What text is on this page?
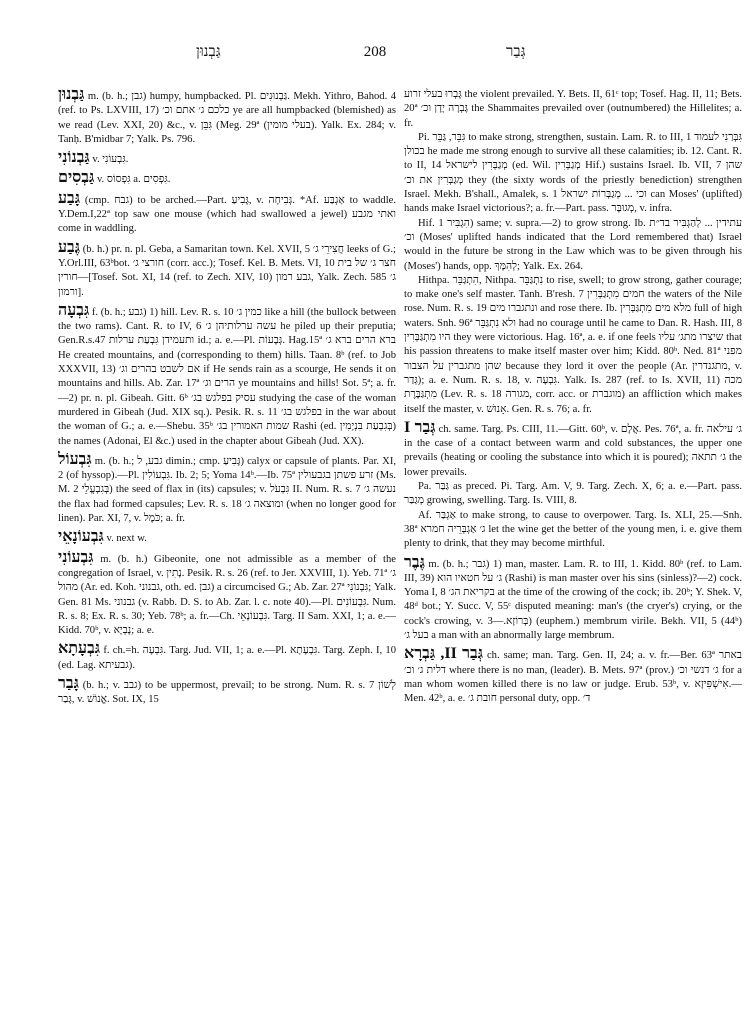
גַּבְנוּן	208	גְּבַר

גַּבְנוּן m. (b. h.; גבן) humpy, humpbacked. Pl. גַּבְנוּנִים. Mekh. Yithro, Bahod. 4 (ref. to Ps. LXVIII, 17) כלכם ג׳ אתם וכ׳ ye are all humpbacked (blemished) as we read (Lev. XXI, 20) &c., v. גִּבֵּן (Meg. 29ª (בעלי מומין). Yalk. Ex. 284; v. Tanḥ. B'midbar 7; Yalk. Ps. 796.

גַּבְנוֹנִי v. גִּבְעוֹנִי.

גַּבְסִים v. גִּפְסוֹס a. גִּפְסִים.

גָּבַע (cmp. גבח) to be arched.—Part. גָּבִיעַ, v. גְּבִיחָה. *Af. אַגְבַּע to waddle. Y.Dem.I,22ª top saw one mouse (which had swallowed a jewel) ואתי מגבע come in waddling.

גֶּבַע (b. h.) pr. n. pl. Geba, a Samaritan town. Kel. XVII, 5 חֲצִירֵי ג׳ leeks of G.; Y.Orl.III, 63ᵇbot. חורצי ג׳ (corr. acc.); Tosef. Kel. B. Mets. VI, 10 חצר ג׳ של בית חורין—[Tosef. Sot. XI, 14 (ref. to Zech. XIV, 10) גבע רמון, Yalk. Zech. 585 ג׳ ורמון].

גִּבְעָה f. (b. h.; גבע) 1) hill. Lev. R. s. 10 כמין ג׳ like a hill (the bullock between the two rams). Cant. R. to IV, 6 עשה ערלותיהן ג׳ he piled up their preputia; Gen.R.s.47 ותעמידן גִּבְעַת ערלות id.; a. e.—Pl. גְּבָעוֹת. Hag.15ª ברא הרים ברא ג׳ He created mountains, and (corresponding to them) hills. Taan. 8ᵇ (ref. to Job XXXVII, 13) אם לשבט בהרים וג׳ if He sends rain as a scourge, He sends it on mountains and hills. Ab. Zar. 17ª הרים וג׳ ye mountains and hills! Sot. 5ª; a. fr.—2) pr. n. pl. Gibeah. Gitt. 6ᵇ עסיק בפלגש בג׳ studying the case of the woman murdered in Gibeah (Jud. XIX sq.). Pesik. R. s. 11 בפלגש בג׳ in the war about the woman of G.; a. e.—Shebu. 35ᵇ שמות האמורין בג׳ Rashi (ed. בְּגִבְעַת בִּנְיָמִין) the names (Adonai, El &c.) used in the chapter about Gibeah (Jud. XX).

גִּבְעוֹל m. (b. h.; גבע, ל dimin.; cmp. גָּבִיעַ) calyx or capsule of plants. Par. XI, 2 (of hyssop).—Pl. גִּבְעוֹלִין. Ib. 2; 5; Yoma 14ᵇ.—Ib. 75ª זרע פשתן בגבעולין (Ms. M. 2 בְּגִבְעֳלֵי) the seed of flax in (its) capsules; v. גִּבְעֹל II. Num. R. s. 7 נעשה ג׳ the flax had formed capsules; Lev. R. s. 18 ומוצאה ג׳ (when no longer good for linen). Par. XI, 7, v. כֹּמֶל; a. fr.

גִּבְעוֹנָאֵי v. next w.

גִּבְעוֹנִי m. (b. h.) Gibeonite, one not admissible as a member of the congregation of Israel, v. נָתִין. Pesik. R. s. 26 (ref. to Jer. XXVIII, 1). Yeb. 71ª ג׳ מהול (Ar. ed. Koh. גבנוני, oth. ed. גבן) a circumcised G.; Ab. Zar. 27ª גִּבְנוֹנִי; Yalk. Gen. 81 Ms. גבנוני (v. Rabb. D. S. to Ab. Zar. l. c. note 40).—Pl. גִּבְעוֹנִים. Num. R. s. 8; Ex. R. s. 30; Yeb. 78ᵇ; a. fr.—Ch. גִּבְעוֹנָאֵי. Targ. II Sam. XXI, 1; a. e.—Kidd. 70ᵇ, v. נָבְיָא; a. e.

גִּבְעָתָא f. ch.=h. גִּבְעָה. Targ. Jud. VII, 1; a. e.—Pl. גִּבְעָתָא. Targ. Zeph. I, 10 (ed. Lag. גבעיתא).

גָּבַר (b. h.; v. גבב) to be uppermost, prevail; to be strong. Num. R. s. 7 לְשׁוֹן גָּבַר, v. אֱנוֹשׁ. Sot. IX, 15

גָּבְרוּ בעלי זרוע the violent prevailed. Y. Bets. II, 61ᶜ top; Tosef. Hag. II, 11; Bets. 20ª גָּבְרָה יָדָן וכ׳ the Shammaites prevailed over (outnumbered) the Hillelites; a. fr.

Pi. גִּבֵּר, גַּבֵּר to make strong, strengthen, sustain. Lam. R. to III, 1 גִּבְּרַנִי לעמוד בכולן he made me strong enough to survive all these calamities; ib. 12. Cant. R. to II, 14 מְגַבְּרִין לישראל (ed. Wil. מְגַבְּרִין Hif.) sustains Israel. Ib. VII, 7 שהן מְגַבְּרִין את וכ׳ they (the sixty words of the priestly benediction) strengthen Israel. Mekh. B'shall., Amalek, s. 1 וכי ... מְגַבְּרוֹת ישראל can Moses' (uplifted) hands make Israel victorious?; a. fr.—Part. pass. מְגוּבָּר, v. infra.

Hif. הִגְבִּיר 1) same; v. supra.—2) to grow strong. Ib. עתידין ... לְהַגְבִּיר בד״ת וכ׳ (Moses' uplifted hands indicated that the Lord remembered that) Israel would in the future be strong in the Law which was to be given through his (Moses') hands, opp. לְהִמָּךְ; Yalk. Ex. 264.

Hithpa. הִתְגַּבֵּר, Nithpa. נִתְגַּבֵּר to rise, swell; to grow strong, gather courage; to make one's self master. Tanh. B'resh. 7 חמים מִתְגַּבְּרִין the waters of the Nile rose. Num. R. s. 19 ונתגברו מים and rose there. Ib. מלא מים מִתְגַּבְּרִין full of high waters. Snh. 96ª ולא נִתְגַּבֵּר had no courage until he came to Dan. R. Hash. III, 8 היו מִתְגַּבְּרִין they were victorious. Hag. 16ª, a. e. if one feels שיצרו מתג׳ עליו that his passion threatens to make itself master over him; Kidd. 80ᵇ. Ned. 81ª מפני שהן מתגברין על הצבור because they lord it over the people (Ar. מתגנדרין, v. גְּדַר); a. e. Num. R. s. 18, v. גִּבְעָה. Yalk. Is. 287 (ref. to Is. XVII, 11) מכה מִתְגַּבֶּרֶת (Lev. R. s. 18 מגורה, corr. acc. or מוגברת) an affliction which makes itself the master, v. אָנוּשׁ. Gen. R. s. 76; a. fr.

גְּבַר I ch. same. Targ. Ps. CIII, 11.—Gitt. 60ᵇ, v. אֲלָם. Pes. 76ª, a. fr. ג׳ עילאה in the case of a contact between warm and cold substances, the upper one prevails (heating or cooling the substance into which it is poured); ג׳ תתאה the lower prevails.

Pa. גַּבַּר as preced. Pi. Targ. Am. V, 9. Targ. Zech. X, 6; a. e.—Part. pass. מְגַבַּר growing, swelling. Targ. Is. VIII, 8.

Af. אַגְבַּר to make strong, to cause to overpower. Targ. Is. XLI, 25.—Snh. 38ª ג׳ אַגְבְּרֵיה חמרא let the wine get the better of the young men, i. e. give them plenty to drink, that they may become mirthful.

גֶּבֶר m. (b. h.; גבר) 1) man, master. Lam. R. to III, 1. Kidd. 80ᵇ (ref. to Lam. III, 39) ג׳ על חטאיו הוא (Rashi) is man master over his sins (sinless)?—2) cock. Yoma I, 8 בקריאת הג׳ at the time of the crowing of the cock; ib. 20ᵇ; Y. Shek. V, 48ᵈ bot.; Y. Succ. V, 55ᶜ disputed meaning: man's (the cryer's) crying, or the cock's crowing, v. בְּרוֹזָא.—3) (euphem.) membrum virile. Bekh. VII, 5 (44ᵇ) בעל ג׳ a man with an abnormally large membrum.

גְּבַר II, גַּבְרָא ch. same; man. Targ. Gen. II, 24; a. v. fr.—Ber. 63ª באתר דלית ג׳ וכ׳ where there is no man, (leader). B. Mets. 97ª (prov.) ג׳ דנשי וכ׳ for a man whom women killed there is no law or judge. Erub. 53ᵇ, v. אִישְׁפִּיזָא.—Men. 42ᵇ, a. e. חובת ג׳ personal duty, opp. ד׳
